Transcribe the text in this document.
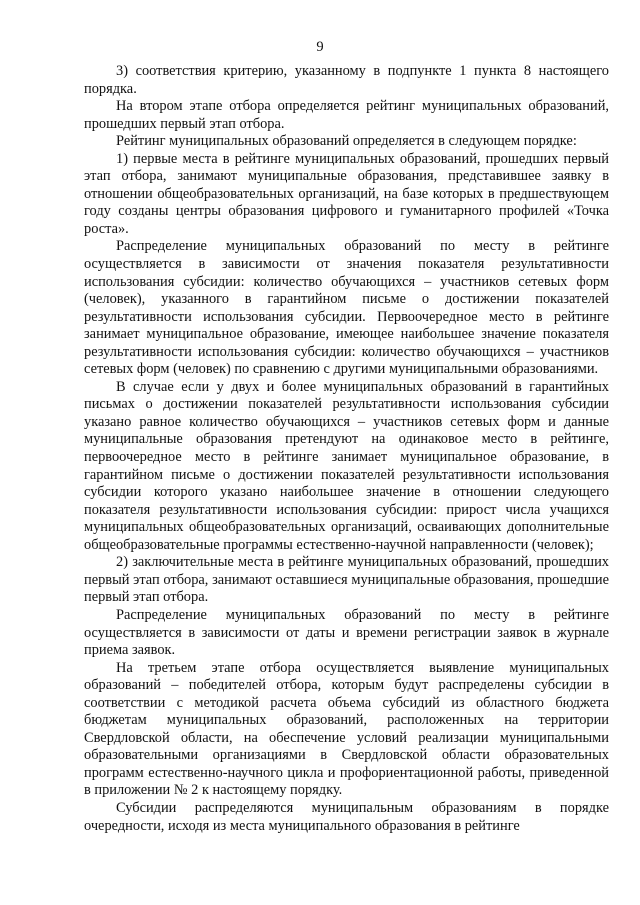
9

3) соответствия критерию, указанному в подпункте 1 пункта 8 настоящего порядка.

На втором этапе отбора определяется рейтинг муниципальных образований, прошедших первый этап отбора.

Рейтинг муниципальных образований определяется в следующем порядке:

1) первые места в рейтинге муниципальных образований, прошедших первый этап отбора, занимают муниципальные образования, представившее заявку в отношении общеобразовательных организаций, на базе которых в предшествующем году созданы центры образования цифрового и гуманитарного профилей «Точка роста».

Распределение муниципальных образований по месту в рейтинге осуществляется в зависимости от значения показателя результативности использования субсидии: количество обучающихся – участников сетевых форм (человек), указанного в гарантийном письме о достижении показателей результативности использования субсидии. Первоочередное место в рейтинге занимает муниципальное образование, имеющее наибольшее значение показателя результативности использования субсидии: количество обучающихся – участников сетевых форм (человек) по сравнению с другими муниципальными образованиями.

В случае если у двух и более муниципальных образований в гарантийных письмах о достижении показателей результативности использования субсидии указано равное количество обучающихся – участников сетевых форм и данные муниципальные образования претендуют на одинаковое место в рейтинге, первоочередное место в рейтинге занимает муниципальное образование, в гарантийном письме о достижении показателей результативности использования субсидии которого указано наибольшее значение в отношении следующего показателя результативности использования субсидии: прирост числа учащихся муниципальных общеобразовательных организаций, осваивающих дополнительные общеобразовательные программы естественно-научной направленности (человек);

2) заключительные места в рейтинге муниципальных образований, прошедших первый этап отбора, занимают оставшиеся муниципальные образования, прошедшие первый этап отбора.

Распределение муниципальных образований по месту в рейтинге осуществляется в зависимости от даты и времени регистрации заявок в журнале приема заявок.

На третьем этапе отбора осуществляется выявление муниципальных образований – победителей отбора, которым будут распределены субсидии в соответствии с методикой расчета объема субсидий из областного бюджета бюджетам муниципальных образований, расположенных на территории Свердловской области, на обеспечение условий реализации муниципальными образовательными организациями в Свердловской области образовательных программ естественно-научного цикла и профориентационной работы, приведенной в приложении № 2 к настоящему порядку.

Субсидии распределяются муниципальным образованиям в порядке очередности, исходя из места муниципального образования в рейтинге
